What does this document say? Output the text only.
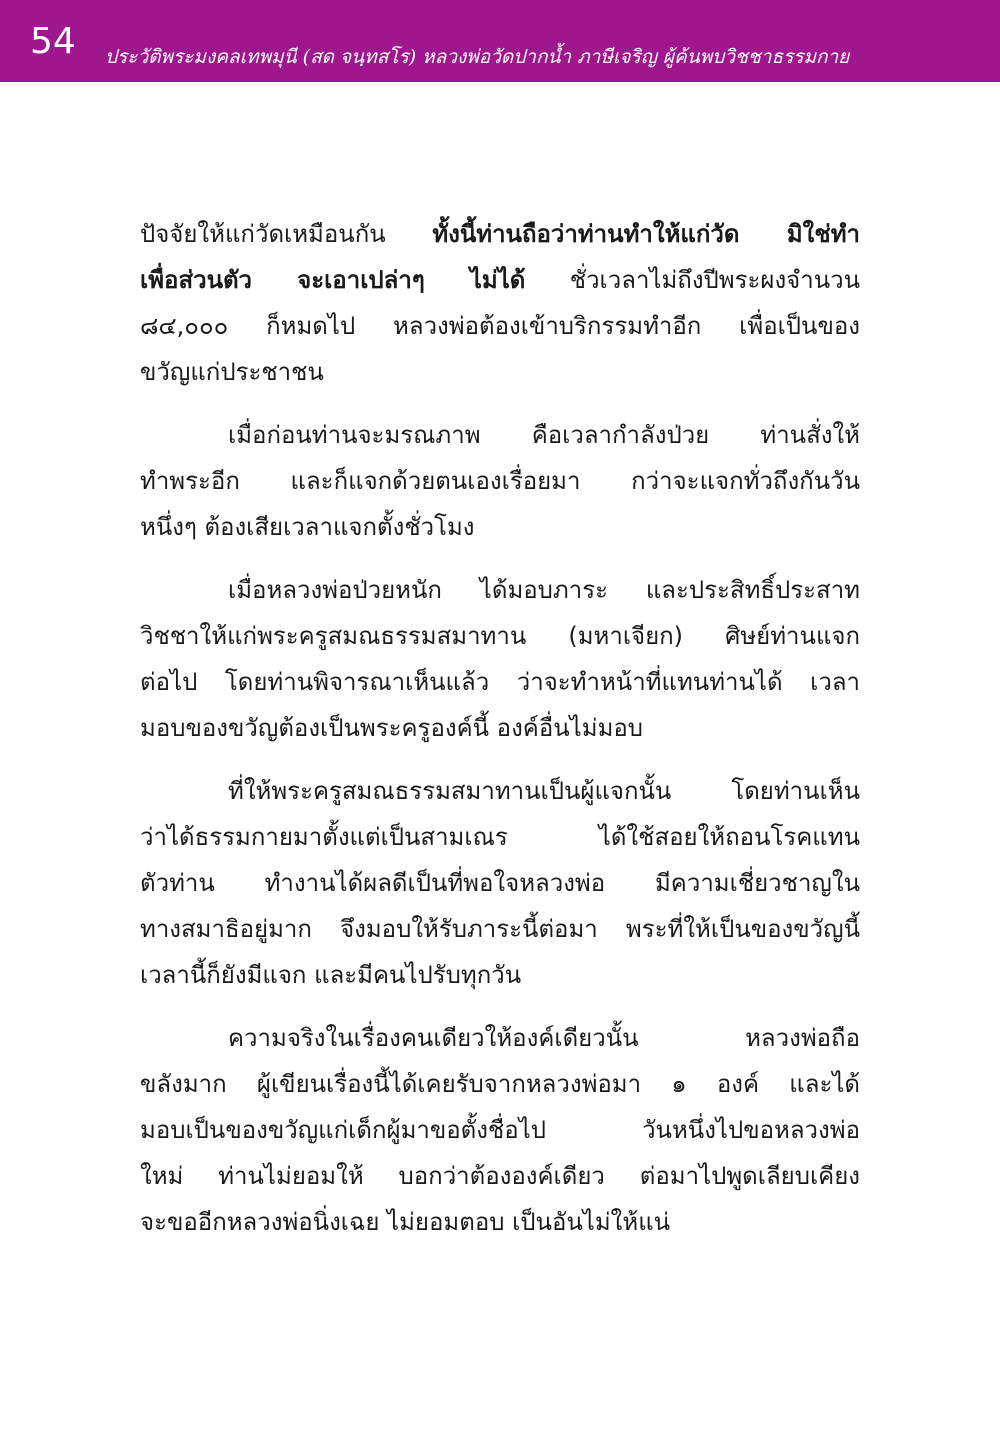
54 ประวัติพระมงคลเทพมุนี (สด จนฺทสโร) หลวงพ่อวัดปากน้ำ ภาษีเจริญ ผู้ค้นพบวิชชาธรรมกาย
ปัจจัยให้แก่วัดเหมือนกัน ทั้งนี้ท่านถือว่าท่านทำให้แก่วัด มิใช่ทำ
เพื่อส่วนตัว จะเอาเปล่าๆ ไม่ได้ ชั่วเวลาไม่ถึงปีพระผงจำนวน
๘๔,๐๐๐ ก็หมดไป หลวงพ่อต้องเข้าบริกรรมทำอีก เพื่อเป็นของ
ขวัญแก่ประชาชน
เมื่อก่อนท่านจะมรณภาพ คือเวลากำลังป่วย ท่านสั่งให้
ทำพระอีก และก็แจกด้วยตนเองเรื่อยมา กว่าจะแจกทั่วถึงกันวัน
หนึ่งๆ ต้องเสียเวลาแจกตั้งชั่วโมง
เมื่อหลวงพ่อป่วยหนัก ได้มอบภาระ และประสิทธิ์ประสาท
วิชชาให้แก่พระครูสมณธรรมสมาทาน (มหาเจียก) ศิษย์ท่านแจก
ต่อไป โดยท่านพิจารณาเห็นแล้ว ว่าจะทำหน้าที่แทนท่านได้ เวลา
มอบของขวัญต้องเป็นพระครูองค์นี้ องค์อื่นไม่มอบ
ที่ให้พระครูสมณธรรมสมาทานเป็นผู้แจกนั้น โดยท่านเห็น
ว่าได้ธรรมกายมาตั้งแต่เป็นสามเณร ได้ใช้สอยให้ถอนโรคแทน
ตัวท่าน ทำงานได้ผลดีเป็นที่พอใจหลวงพ่อ มีความเชี่ยวชาญใน
ทางสมาธิอยู่มาก จึงมอบให้รับภาระนี้ต่อมา พระที่ให้เป็นของขวัญนี้
เวลานี้ก็ยังมีแจก และมีคนไปรับทุกวัน
ความจริงในเรื่องคนเดียวให้องค์เดียวนั้น หลวงพ่อถือ
ขลังมาก ผู้เขียนเรื่องนี้ได้เคยรับจากหลวงพ่อมา ๑ องค์ และได้
มอบเป็นของขวัญแก่เด็กผู้มาขอตั้งชื่อไป วันหนึ่งไปขอหลวงพ่อ
ใหม่ ท่านไม่ยอมให้ บอกว่าต้ององค์เดียว ต่อมาไปพูดเลียบเคียง
จะขออีกหลวงพ่อนิ่งเฉย ไม่ยอมตอบ เป็นอันไม่ให้แน่
